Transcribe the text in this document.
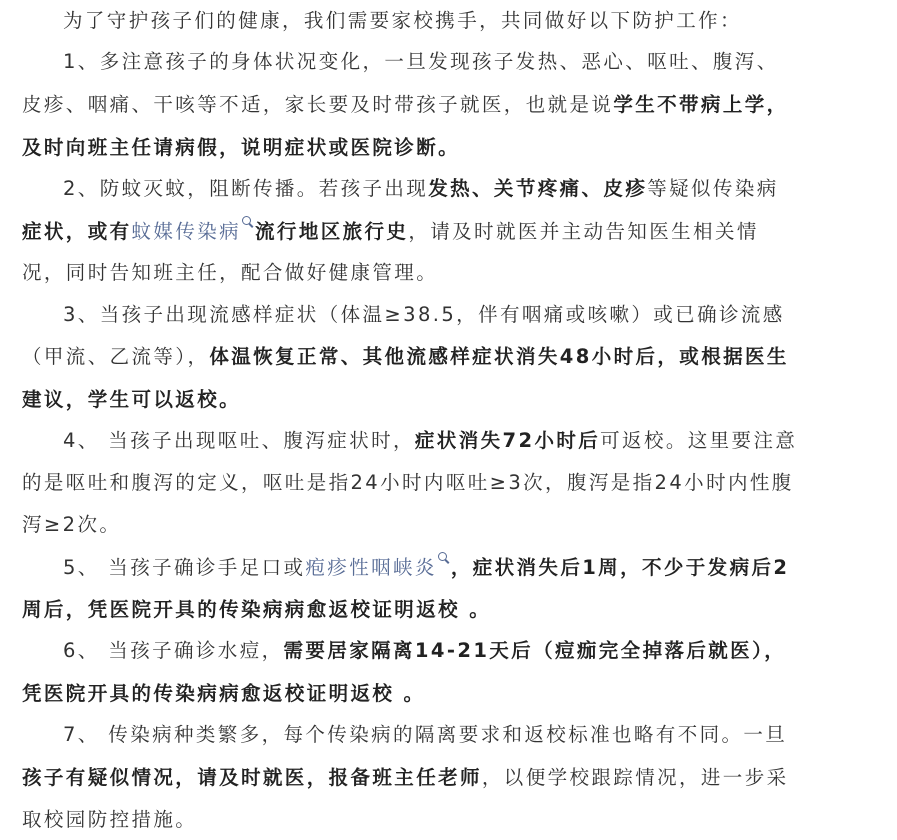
为了守护孩子们的健康，我们需要家校携手，共同做好以下防护工作：
1、多注意孩子的身体状况变化，一旦发现孩子发热、恶心、呕吐、腹泻、
皮疹、咽痛、干咳等不适，家长要及时带孩子就医，也就是说学生不带病上学，
及时向班主任请病假，说明症状或医院诊断。
2、防蚊灭蚊，阻断传播。若孩子出现发热、关节疼痛、皮疹等疑似传染病
症状，或有蚊媒传染病 流行地区旅行史，请及时就医并主动告知医生相关情
况，同时告知班主任，配合做好健康管理。
3、当孩子出现流感样症状（体温≥38.5，伴有咽痛或咳嗽）或已确诊流感
（甲流、乙流等），体温恢复正常、其他流感样症状消失48小时后，或根据医生
建议，学生可以返校。
4、 当孩子出现呕吐、腹泻症状时，症状消失72小时后可返校。这里要注意
的是呕吐和腹泻的定义，呕吐是指24小时内呕吐≥3次，腹泻是指24小时内性腹
泻≥2次。
5、 当孩子确诊手足口或疱疹性咽峡炎 ，症状消失后1周，不少于发病后2
周后，凭医院开具的传染病病愈返校证明返校 。
6、 当孩子确诊水痘，需要居家隔离14-21天后（痘痂完全掉落后就医），
凭医院开具的传染病病愈返校证明返校 。
7、 传染病种类繁多，每个传染病的隔离要求和返校标准也略有不同。一旦
孩子有疑似情况，请及时就医，报备班主任老师，以便学校跟踪情况，进一步采
取校园防控措施。
